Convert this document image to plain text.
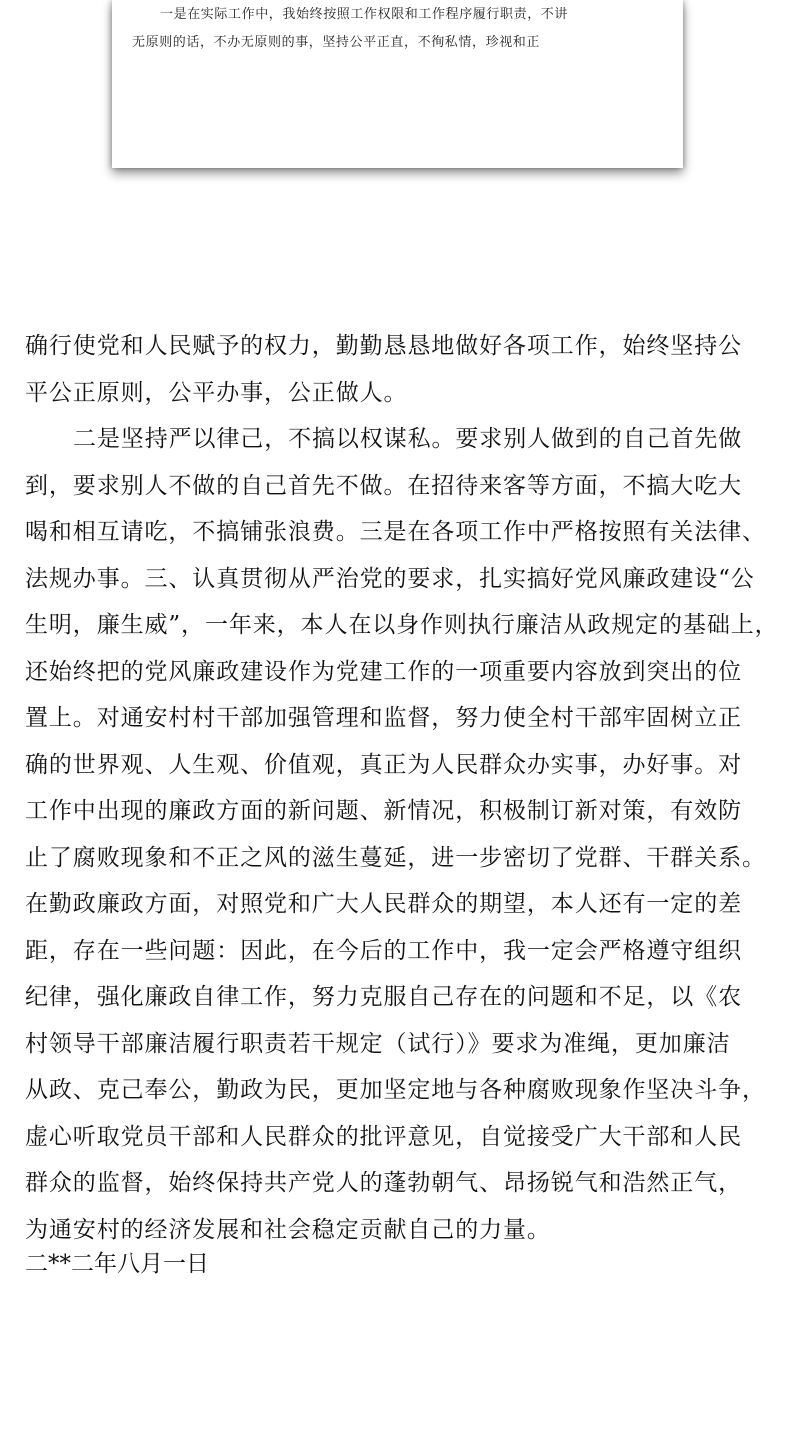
一是在实际工作中，我始终按照工作权限和工作程序履行职责，不讲
无原则的话，不办无原则的事，坚持公平正直，不徇私情，珍视和正
确行使党和人民赋予的权力，勤勤恳恳地做好各项工作，始终坚持公
平公正原则，公平办事，公正做人。
二是坚持严以律己，不搞以权谋私。要求别人做到的自己首先做
到，要求别人不做的自己首先不做。在招待来客等方面，不搞大吃大
喝和相互请吃，不搞铺张浪费。三是在各项工作中严格按照有关法律、
法规办事。三、认真贯彻从严治党的要求，扎实搞好党风廉政建设“公
生明，廉生威”，一年来，本人在以身作则执行廉洁从政规定的基础上，
还始终把的党风廉政建设作为党建工作的一项重要内容放到突出的位
置上。对通安村村干部加强管理和监督，努力使全村干部牢固树立正
确的世界观、人生观、价值观，真正为人民群众办实事，办好事。对
工作中出现的廉政方面的新问题、新情况，积极制订新对策，有效防
止了腐败现象和不正之风的滋生蔓延，进一步密切了党群、干群关系。
在勤政廉政方面，对照党和广大人民群众的期望，本人还有一定的差
距，存在一些问题：因此，在今后的工作中，我一定会严格遵守组织
纪律，强化廉政自律工作，努力克服自己存在的问题和不足，以《农
村领导干部廉洁履行职责若干规定（试行）》要求为准绳，更加廉洁
从政、克己奉公，勤政为民，更加坚定地与各种腐败现象作坚决斗争，
虚心听取党员干部和人民群众的批评意见，自觉接受广大干部和人民
群众的监督，始终保持共产党人的蓬勃朝气、昂扬锐气和浩然正气，
为通安村的经济发展和社会稳定贡献自己的力量。
二**二年八月一日
